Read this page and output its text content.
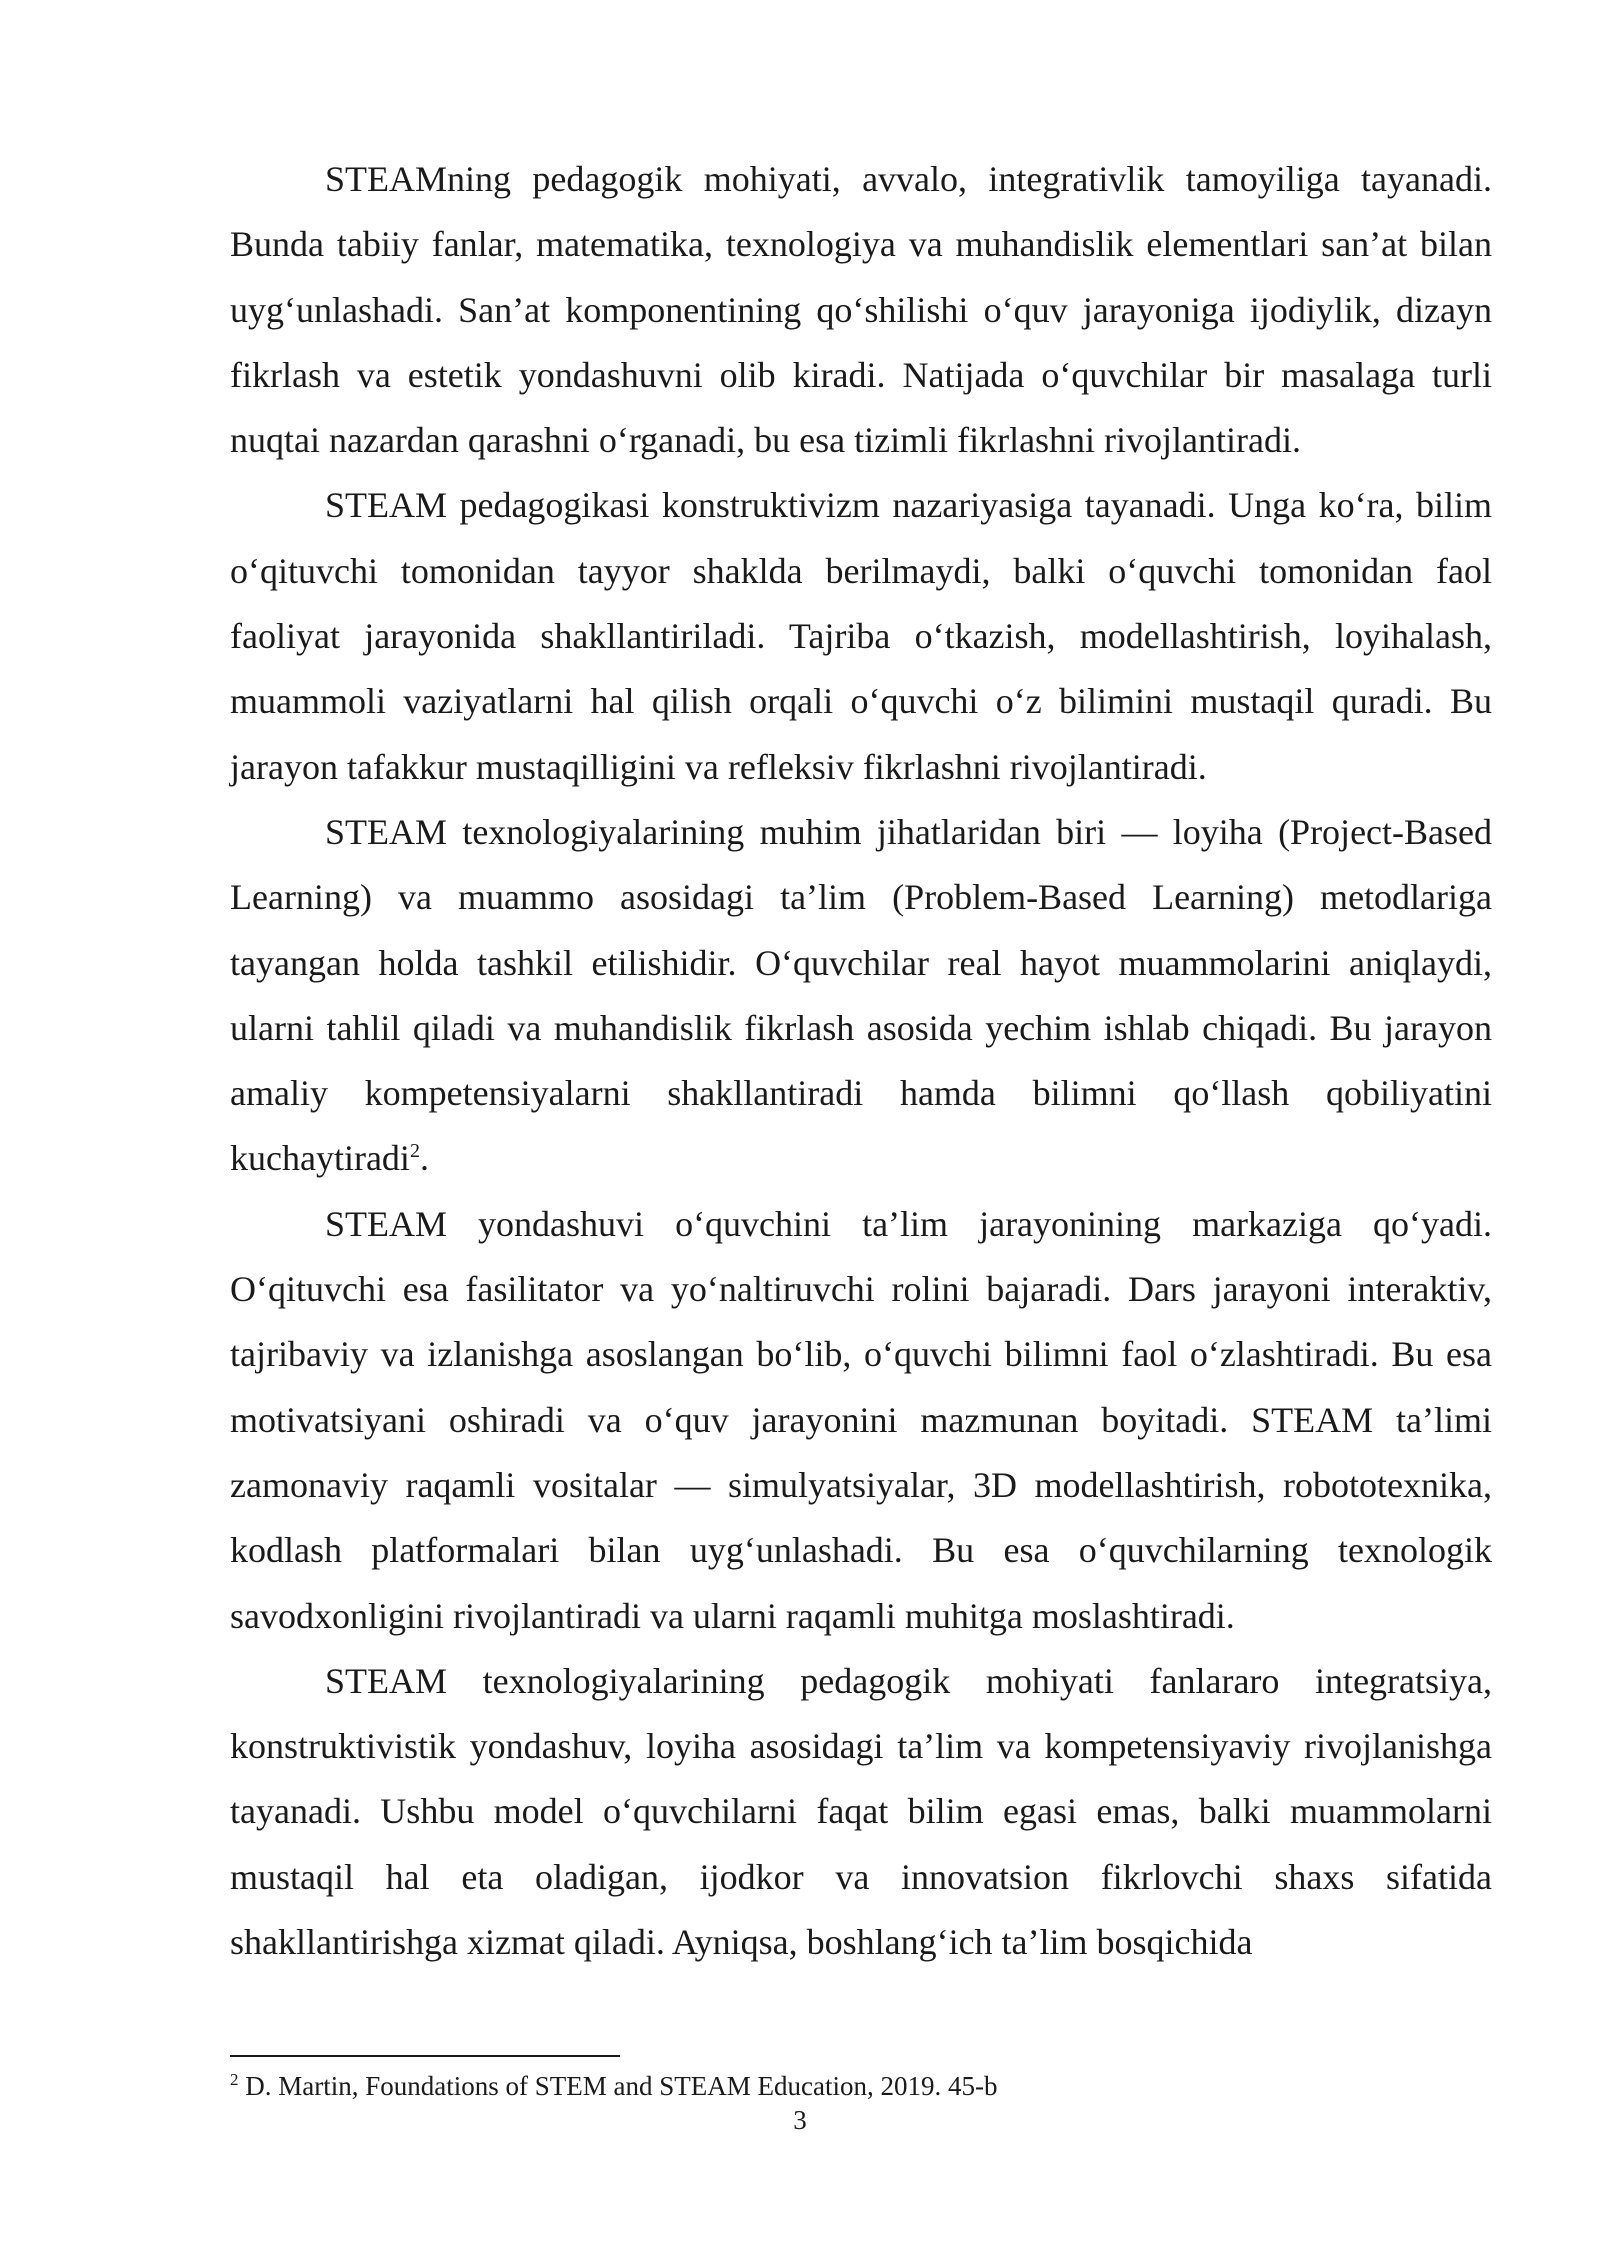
STEAMning pedagogik mohiyati, avvalo, integrativlik tamoyiliga tayanadi. Bunda tabiiy fanlar, matematika, texnologiya va muhandislik elementlari san’at bilan uyg‘unlashadi. San’at komponentining qo‘shilishi o‘quv jarayoniga ijodiylik, dizayn fikrlash va estetik yondashuvni olib kiradi. Natijada o‘quvchilar bir masalaga turli nuqtai nazardan qarashni o‘rganadi, bu esa tizimli fikrlashni rivojlantiradi.

STEAM pedagogikasi konstruktivizm nazariyasiga tayanadi. Unga ko‘ra, bilim o‘qituvchi tomonidan tayyor shaklda berilmaydi, balki o‘quvchi tomonidan faol faoliyat jarayonida shakllantiriladi. Tajriba o‘tkazish, modellashtirish, loyihalash, muammoli vaziyatlarni hal qilish orqali o‘quvchi o‘z bilimini mustaqil quradi. Bu jarayon tafakkur mustaqilligini va refleksiv fikrlashni rivojlantiradi.

STEAM texnologiyalarining muhim jihatlaridan biri — loyiha (Project-Based Learning) va muammo asosidagi ta’lim (Problem-Based Learning) metodlariga tayangan holda tashkil etilishidir. O‘quvchilar real hayot muammolarini aniqlaydi, ularni tahlil qiladi va muhandislik fikrlash asosida yechim ishlab chiqadi. Bu jarayon amaliy kompetensiyalarni shakllantiradi hamda bilimni qo‘llash qobiliyatini kuchaytiradi$^2$.

STEAM yondashuvi o‘quvchini ta’lim jarayonining markaziga qo‘yadi. O‘qituvchi esa fasilitator va yo‘naltiruvchi rolini bajaradi. Dars jarayoni interaktiv, tajribaviy va izlanishga asoslangan bo‘lib, o‘quvchi bilimni faol o‘zlashtiradi. Bu esa motivatsiyani oshiradi va o‘quv jarayonini mazmunan boyitadi. STEAM ta’limi zamonaviy raqamli vositalar — simulyatsiyalar, 3D modellashtirish, robototexnika, kodlash platformalari bilan uyg‘unlashadi. Bu esa o‘quvchilarning texnologik savodxonligini rivojlantiradi va ularni raqamli muhitga moslashtiradi.

STEAM texnologiyalarining pedagogik mohiyati fanlararo integratsiya, konstruktivistik yondashuv, loyiha asosidagi ta’lim va kompetensiyaviy rivojlanishga tayanadi. Ushbu model o‘quvchilarni faqat bilim egasi emas, balki muammolarni mustaqil hal eta oladigan, ijodkor va innovatsion fikrlovchi shaxs sifatida shakllantirishga xizmat qiladi. Ayniqsa, boshlang‘ich ta’lim bosqichida

$^2$ D. Martin, Foundations of STEM and STEAM Education, 2019. 45-b
3
